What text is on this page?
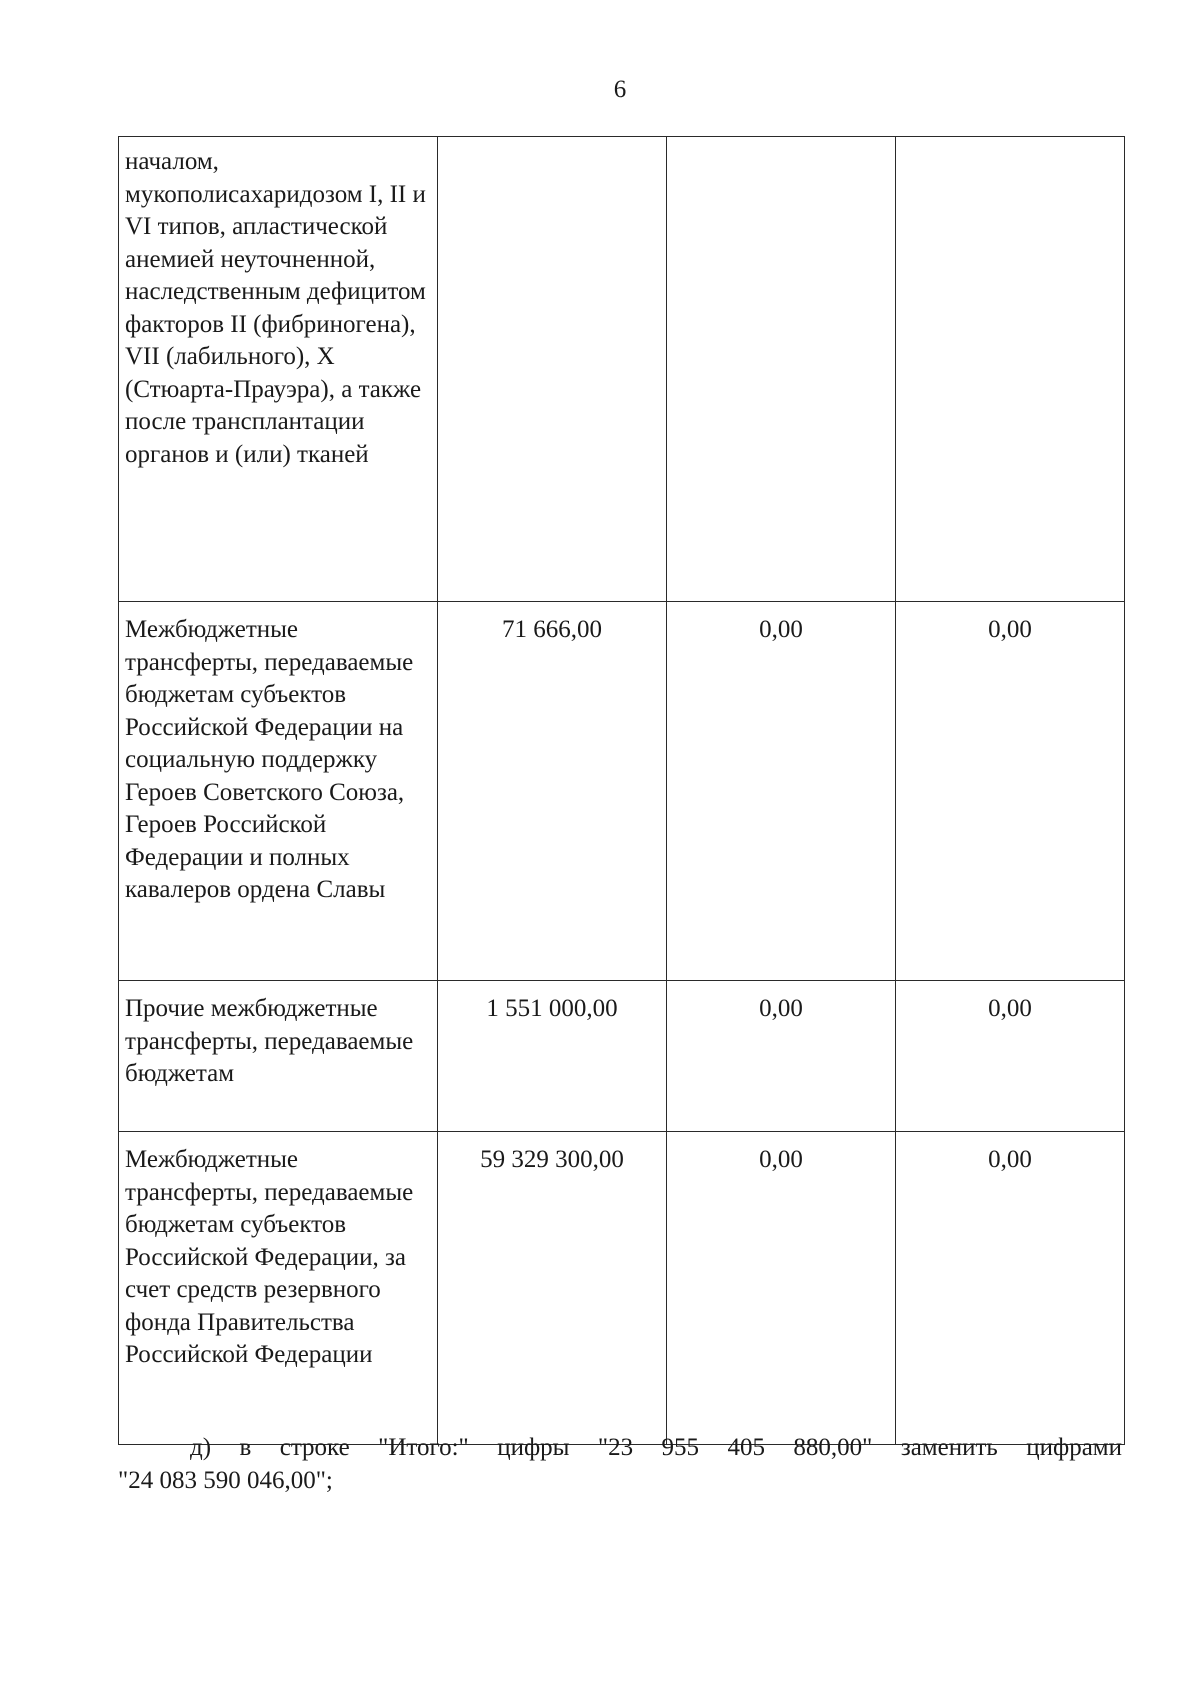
6
началом, мукополисахаридозом I, II и VI типов, апластической анемией неуточненной, наследственным дефицитом факторов II (фибриногена), VII (лабильного), X (Стюарта-Прауэра), а также после трансплантации органов и (или) тканей			

Межбюджетные трансферты, передаваемые бюджетам субъектов Российской Федерации на социальную поддержку Героев Советского Союза, Героев Российской Федерации и полных кавалеров ордена Славы	71 666,00	0,00	0,00

Прочие межбюджетные трансферты, передаваемые бюджетам	1 551 000,00	0,00	0,00

Межбюджетные трансферты, передаваемые бюджетам субъектов Российской Федерации, за счет средств резервного фонда Правительства Российской Федерации	59 329 300,00	0,00	0,00
д) в строке "Итого:" цифры "23 955 405 880,00" заменить цифрами
"24 083 590 046,00";
